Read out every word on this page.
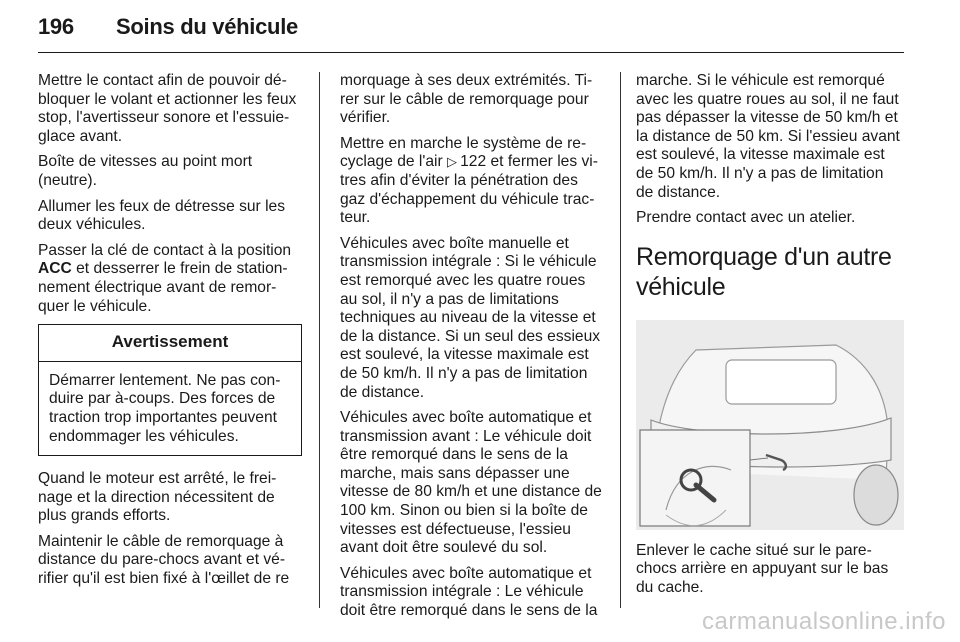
196 Soins du véhicule

Mettre le contact afin de pouvoir débloquer le volant et actionner les feux stop, l'avertisseur sonore et l'essuie-glace avant.

Boîte de vitesses au point mort (neutre).

Allumer les feux de détresse sur les deux véhicules.

Passer la clé de contact à la position ACC et desserrer le frein de stationnement électrique avant de remorquer le véhicule.

Avertissement
Démarrer lentement. Ne pas conduire par à-coups. Des forces de traction trop importantes peuvent endommager les véhicules.

Quand le moteur est arrêté, le freinage et la direction nécessitent de plus grands efforts.

Maintenir le câble de remorquage à distance du pare-chocs avant et vérifier qu'il est bien fixé à l'œillet de re

morquage à ses deux extrémités. Tirer sur le câble de remorquage pour vérifier.

Mettre en marche le système de recyclage de l'air ▷  122 et fermer les vitres afin d'éviter la pénétration des gaz d'échappement du véhicule tracteur.

Véhicules avec boîte manuelle et transmission intégrale : Si le véhicule est remorqué avec les quatre roues au sol, il n'y a pas de limitations techniques au niveau de la vitesse et de la distance. Si un seul des essieux est soulevé, la vitesse maximale est de 50 km/h. Il n'y a pas de limitation de distance.

Véhicules avec boîte automatique et transmission avant : Le véhicule doit être remorqué dans le sens de la marche, mais sans dépasser une vitesse de 80 km/h et une distance de 100 km. Sinon ou bien si la boîte de vitesses est défectueuse, l'essieu avant doit être soulevé du sol.

Véhicules avec boîte automatique et transmission intégrale : Le véhicule doit être remorqué dans le sens de la

marche. Si le véhicule est remorqué avec les quatre roues au sol, il ne faut pas dépasser la vitesse de 50 km/h et la distance de 50 km. Si l'essieu avant est soulevé, la vitesse maximale est de 50 km/h. Il n'y a pas de limitation de distance.

Prendre contact avec un atelier.

Remorquage d'un autre véhicule

Enlever le cache situé sur le pare-chocs arrière en appuyant sur le bas du cache.

carmanualsonline.info
